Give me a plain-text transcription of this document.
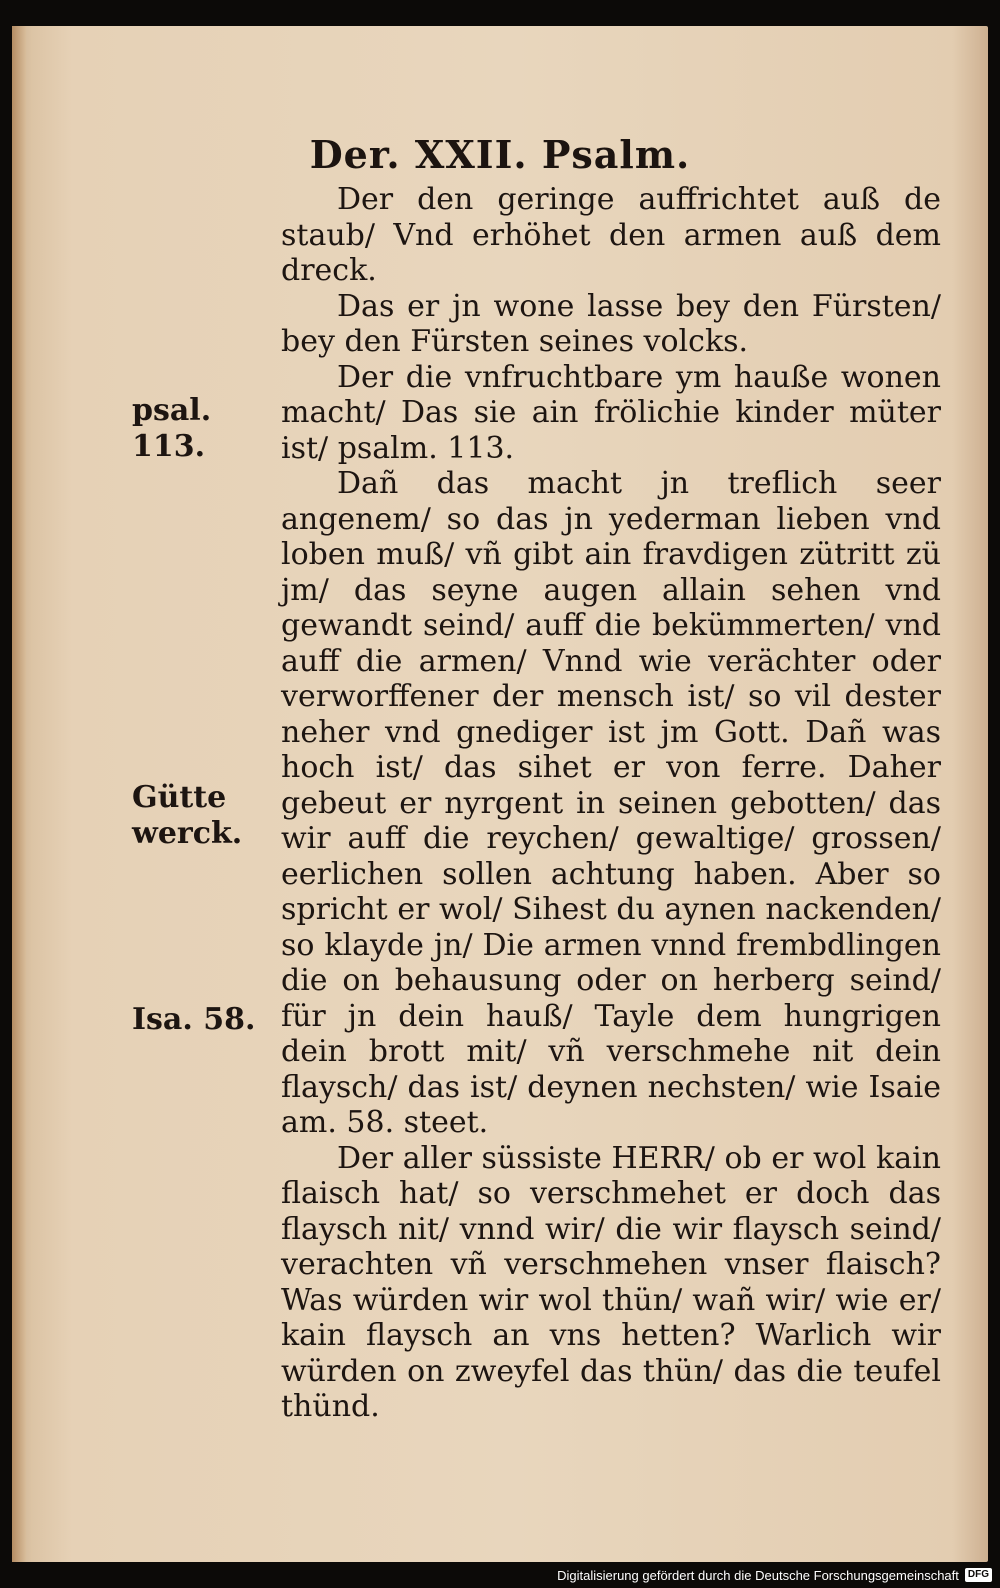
Der. XXII. Psalm.

Der den geringe auffrichtet auß de staub/ Vnd erhöhet den armen auß dem dreck.

Das er jn wone lasse bey den Fürsten/ bey den Fürsten seines volcks.

Der die vnfruchtbare ym hauße wonen macht/ Das sie ain frölichie kinder müter ist/ psalm. 113.

Dañ das macht jn treflich seer angenem/ so das jn yederman lieben vnd loben muß/ vñ gibt ain fravdigen zütritt zü jm/ das seyne augen allain sehen vnd gewandt seind/ auff die bekümmerten/ vnd auff die armen/ Vnnd wie verächter oder verworffener der mensch ist/ so vil dester neher vnd gnediger ist jm Gott. Dañ was hoch ist/ das sihet er von ferre. Daher gebeut er nyrgent in seinen gebotten/ das wir auff die reychen/ gewaltige/ grossen/ eerlichen sollen achtung haben. Aber so spricht er wol/ Sihest du aynen nackenden/ so klayde jn/ Die armen vnnd frembdlingen die on behausung oder on herberg seind/ für jn dein hauß/ Tayle dem hungrigen dein brott mit/ vñ verschmehe nit dein flaysch/ das ist/ deynen nechsten/ wie Isaie am. 58. steet.

Der aller süssiste HERR/ ob er wol kain flaisch hat/ so verschmehet er doch das flaysch nit/ vnnd wir/ die wir flaysch seind/ verachten vñ verschmehen vnser flaisch? Was würden wir wol thün/ wañ wir/ wie er/ kain flaysch an vns hetten? Warlich wir würden on zweyfel das thün/ das die teufel thünd.

psal. 113.
Gütte werck.
Isa. 58.
Digitalisierung gefördert durch die Deutsche Forschungsgemeinschaft DFG
